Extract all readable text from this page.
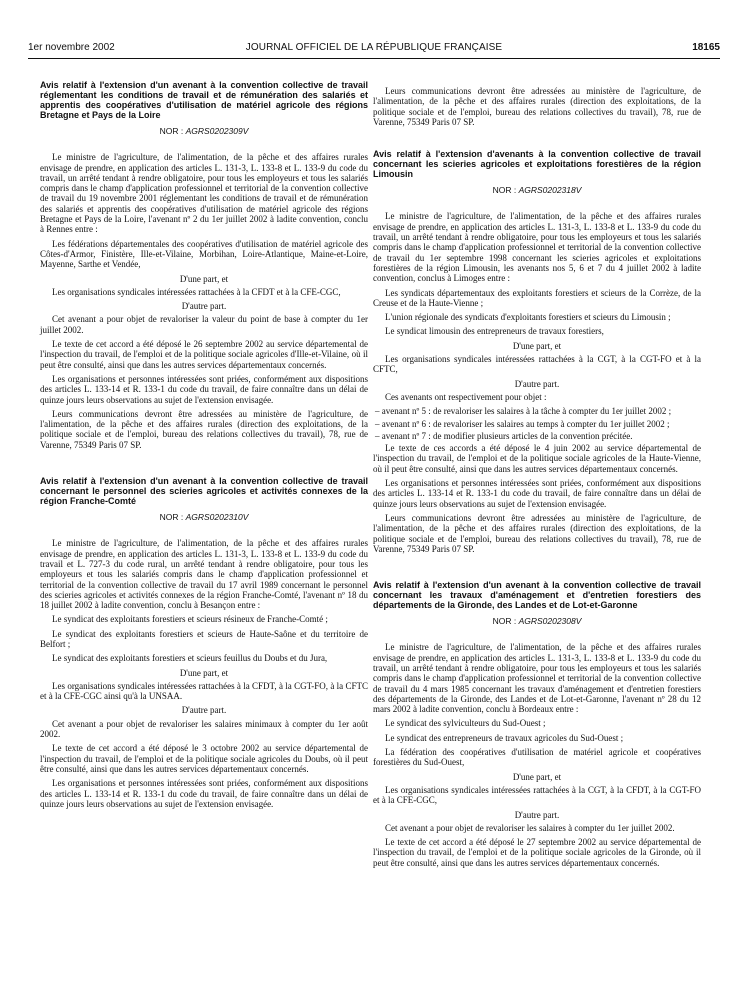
1er novembre 2002	JOURNAL OFFICIEL DE LA RÉPUBLIQUE FRANÇAISE	18165
Avis relatif à l'extension d'un avenant à la convention collective de travail réglementant les conditions de travail et de rémunération des salariés et apprentis des coopératives d'utilisation de matériel agricole des régions Bretagne et Pays de la Loire
NOR : AGRS0202309V

Le ministre de l'agriculture, de l'alimentation, de la pêche et des affaires rurales envisage de prendre, en application des articles L. 131-3, L. 133-8 et L. 133-9 du code du travail, un arrêté tendant à rendre obligatoire, pour tous les employeurs et tous les salariés compris dans le champ d'application professionnel et territorial de la convention collective de travail du 19 novembre 2001 réglementant les conditions de travail et de rémunération des salariés et apprentis des coopératives d'utilisation de matériel agricole des régions Bretagne et Pays de la Loire, l'avenant nº 2 du 1er juillet 2002 à ladite convention, conclu à Rennes entre :

Les fédérations départementales des coopératives d'utilisation de matériel agricole des Côtes-d'Armor, Finistère, Ille-et-Vilaine, Morbihan, Loire-Atlantique, Maine-et-Loire, Mayenne, Sarthe et Vendée,

D'une part, et

Les organisations syndicales intéressées rattachées à la CFDT et à la CFE-CGC,

D'autre part.

Cet avenant a pour objet de revaloriser la valeur du point de base à compter du 1er juillet 2002.

Le texte de cet accord a été déposé le 26 septembre 2002 au service départemental de l'inspection du travail, de l'emploi et de la politique sociale agricoles d'Ille-et-Vilaine, où il peut être consulté, ainsi que dans les autres services départementaux concernés.

Les organisations et personnes intéressées sont priées, conformément aux dispositions des articles L. 133-14 et R. 133-1 du code du travail, de faire connaître dans un délai de quinze jours leurs observations au sujet de l'extension envisagée.

Leurs communications devront être adressées au ministère de l'agriculture, de l'alimentation, de la pêche et des affaires rurales (direction des exploitations, de la politique sociale et de l'emploi, bureau des relations collectives du travail), 78, rue de Varenne, 75349 Paris 07 SP.

Avis relatif à l'extension d'un avenant à la convention collective de travail concernant le personnel des scieries agricoles et activités connexes de la région Franche-Comté
NOR : AGRS0202310V

Le ministre de l'agriculture, de l'alimentation, de la pêche et des affaires rurales envisage de prendre, en application des articles L. 131-3, L. 133-8 et L. 133-9 du code du travail et L. 727-3 du code rural, un arrêté tendant à rendre obligatoire, pour tous les employeurs et tous les salariés compris dans le champ d'application professionnel et territorial de la convention collective de travail du 17 avril 1989 concernant le personnel des scieries agricoles et activités connexes de la région Franche-Comté, l'avenant nº 18 du 18 juillet 2002 à ladite convention, conclu à Besançon entre :

Le syndicat des exploitants forestiers et scieurs résineux de Franche-Comté ;

Le syndicat des exploitants forestiers et scieurs de Haute-Saône et du territoire de Belfort ;

Le syndicat des exploitants forestiers et scieurs feuillus du Doubs et du Jura,

D'une part, et

Les organisations syndicales intéressées rattachées à la CFDT, à la CGT-FO, à la CFTC et à la CFE-CGC ainsi qu'à la UNSAA.

D'autre part.

Cet avenant a pour objet de revaloriser les salaires minimaux à compter du 1er août 2002.

Le texte de cet accord a été déposé le 3 octobre 2002 au service départemental de l'inspection du travail, de l'emploi et de la politique sociale agricoles du Doubs, où il peut être consulté, ainsi que dans les autres services départementaux concernés.

Les organisations et personnes intéressées sont priées, conformément aux dispositions des articles L. 133-14 et R. 133-1 du code du travail, de faire connaître dans un délai de quinze jours leurs observations au sujet de l'extension envisagée.

Leurs communications devront être adressées au ministère de l'agriculture, de l'alimentation, de la pêche et des affaires rurales (direction des exploitations, de la politique sociale et de l'emploi, bureau des relations collectives du travail), 78, rue de Varenne, 75349 Paris 07 SP.

Avis relatif à l'extension d'avenants à la convention collective de travail concernant les scieries agricoles et exploitations forestières de la région Limousin
NOR : AGRS0202318V

Le ministre de l'agriculture, de l'alimentation, de la pêche et des affaires rurales envisage de prendre, en application des articles L. 131-3, L. 133-8 et L. 133-9 du code du travail, un arrêté tendant à rendre obligatoire, pour tous les employeurs et tous les salariés compris dans le champ d'application professionnel et territorial de la convention collective de travail du 1er septembre 1998 concernant les scieries agricoles et exploitations forestières de la région Limousin, les avenants nos 5, 6 et 7 du 4 juillet 2002 à ladite convention, conclus à Limoges entre :

Les syndicats départementaux des exploitants forestiers et scieurs de la Corrèze, de la Creuse et de la Haute-Vienne ;

L'union régionale des syndicats d'exploitants forestiers et scieurs du Limousin ;

Le syndicat limousin des entrepreneurs de travaux forestiers,

D'une part, et

Les organisations syndicales intéressées rattachées à la CGT, à la CGT-FO et à la CFTC,

D'autre part.

Ces avenants ont respectivement pour objet :

– avenant nº 5 : de revaloriser les salaires à la tâche à compter du 1er juillet 2002 ;

– avenant nº 6 : de revaloriser les salaires au temps à compter du 1er juillet 2002 ;

– avenant nº 7 : de modifier plusieurs articles de la convention précitée.

Le texte de ces accords a été déposé le 4 juin 2002 au service départemental de l'inspection du travail, de l'emploi et de la politique sociale agricoles de la Haute-Vienne, où il peut être consulté, ainsi que dans les autres services départementaux concernés.

Les organisations et personnes intéressées sont priées, conformément aux dispositions des articles L. 133-14 et R. 133-1 du code du travail, de faire connaître dans un délai de quinze jours leurs observations au sujet de l'extension envisagée.

Leurs communications devront être adressées au ministère de l'agriculture, de l'alimentation, de la pêche et des affaires rurales (direction des exploitations, de la politique sociale et de l'emploi, bureau des relations collectives du travail), 78, rue de Varenne, 75349 Paris 07 SP.

Avis relatif à l'extension d'un avenant à la convention collective de travail concernant les travaux d'aménagement et d'entretien forestiers des départements de la Gironde, des Landes et de Lot-et-Garonne
NOR : AGRS0202308V

Le ministre de l'agriculture, de l'alimentation, de la pêche et des affaires rurales envisage de prendre, en application des articles L. 131-3, L. 133-8 et L. 133-9 du code du travail, un arrêté tendant à rendre obligatoire, pour tous les employeurs et tous les salariés compris dans le champ d'application professionnel et territorial de la convention collective de travail du 4 mars 1985 concernant les travaux d'aménagement et d'entretien forestiers des départements de la Gironde, des Landes et de Lot-et-Garonne, l'avenant nº 28 du 12 mars 2002 à ladite convention, conclu à Bordeaux entre :

Le syndicat des sylviculteurs du Sud-Ouest ;

Le syndicat des entrepreneurs de travaux agricoles du Sud-Ouest ;

La fédération des coopératives d'utilisation de matériel agricole et coopératives forestières du Sud-Ouest,

D'une part, et

Les organisations syndicales intéressées rattachées à la CGT, à la CFDT, à la CGT-FO et à la CFE-CGC,

D'autre part.

Cet avenant a pour objet de revaloriser les salaires à compter du 1er juillet 2002.

Le texte de cet accord a été déposé le 27 septembre 2002 au service départemental de l'inspection du travail, de l'emploi et de la politique sociale agricoles de la Gironde, où il peut être consulté, ainsi que dans les autres services départementaux concernés.
